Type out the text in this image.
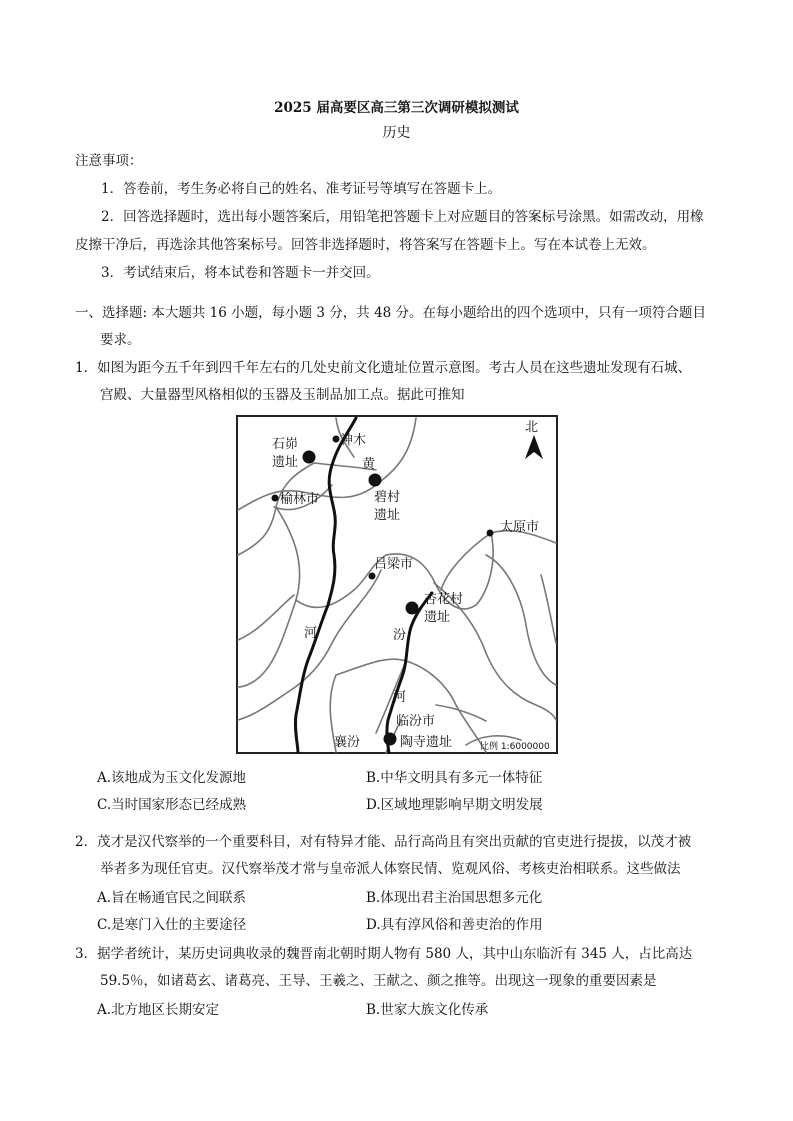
2025 届高要区高三第三次调研模拟测试
历史
注意事项：
1．答卷前，考生务必将自己的姓名、准考证号等填写在答题卡上。
2．回答选择题时，选出每小题答案后，用铅笔把答题卡上对应题目的答案标号涂黑。如需改动，用橡
皮擦干净后，再选涂其他答案标号。回答非选择题时，将答案写在答题卡上。写在本试卷上无效。
3．考试结束后，将本试卷和答题卡一并交回。
一、选择题: 本大题共 16 小题，每小题 3 分，共 48 分。在每小题给出的四个选项中，只有一项符合题目
要求。
1．如图为距今五千年到四千年左右的几处史前文化遗址位置示意图。考古人员在这些遗址发现有石城、
宫殿、大量器型风格相似的玉器及玉制品加工点。据此可推知
北
石峁
遗址
神木
黄
碧村
遗址
榆林市
太原市
吕梁市
杏花村
遗址
河	汾
河
临汾市
襄汾	陶寺遗址	比例 1:6000000
A.该地成为玉文化发源地	B.中华文明具有多元一体特征
C.当时国家形态已经成熟	D.区域地理影响早期文明发展
2．茂才是汉代察举的一个重要科目，对有特异才能、品行高尚且有突出贡献的官吏进行提拔，以茂才被
举者多为现任官吏。汉代察举茂才常与皇帝派人体察民情、览观风俗、考核吏治相联系。这些做法
A.旨在畅通官民之间联系	B.体现出君主治国思想多元化
C.是寒门入仕的主要途径	D.具有淳风俗和善吏治的作用
3．据学者统计，某历史词典收录的魏晋南北朝时期人物有 580 人，其中山东临沂有 345 人，占比高达
59.5％，如诸葛玄、诸葛亮、王导、王羲之、王献之、颜之推等。出现这一现象的重要因素是
A.北方地区长期安定	B.世家大族文化传承
